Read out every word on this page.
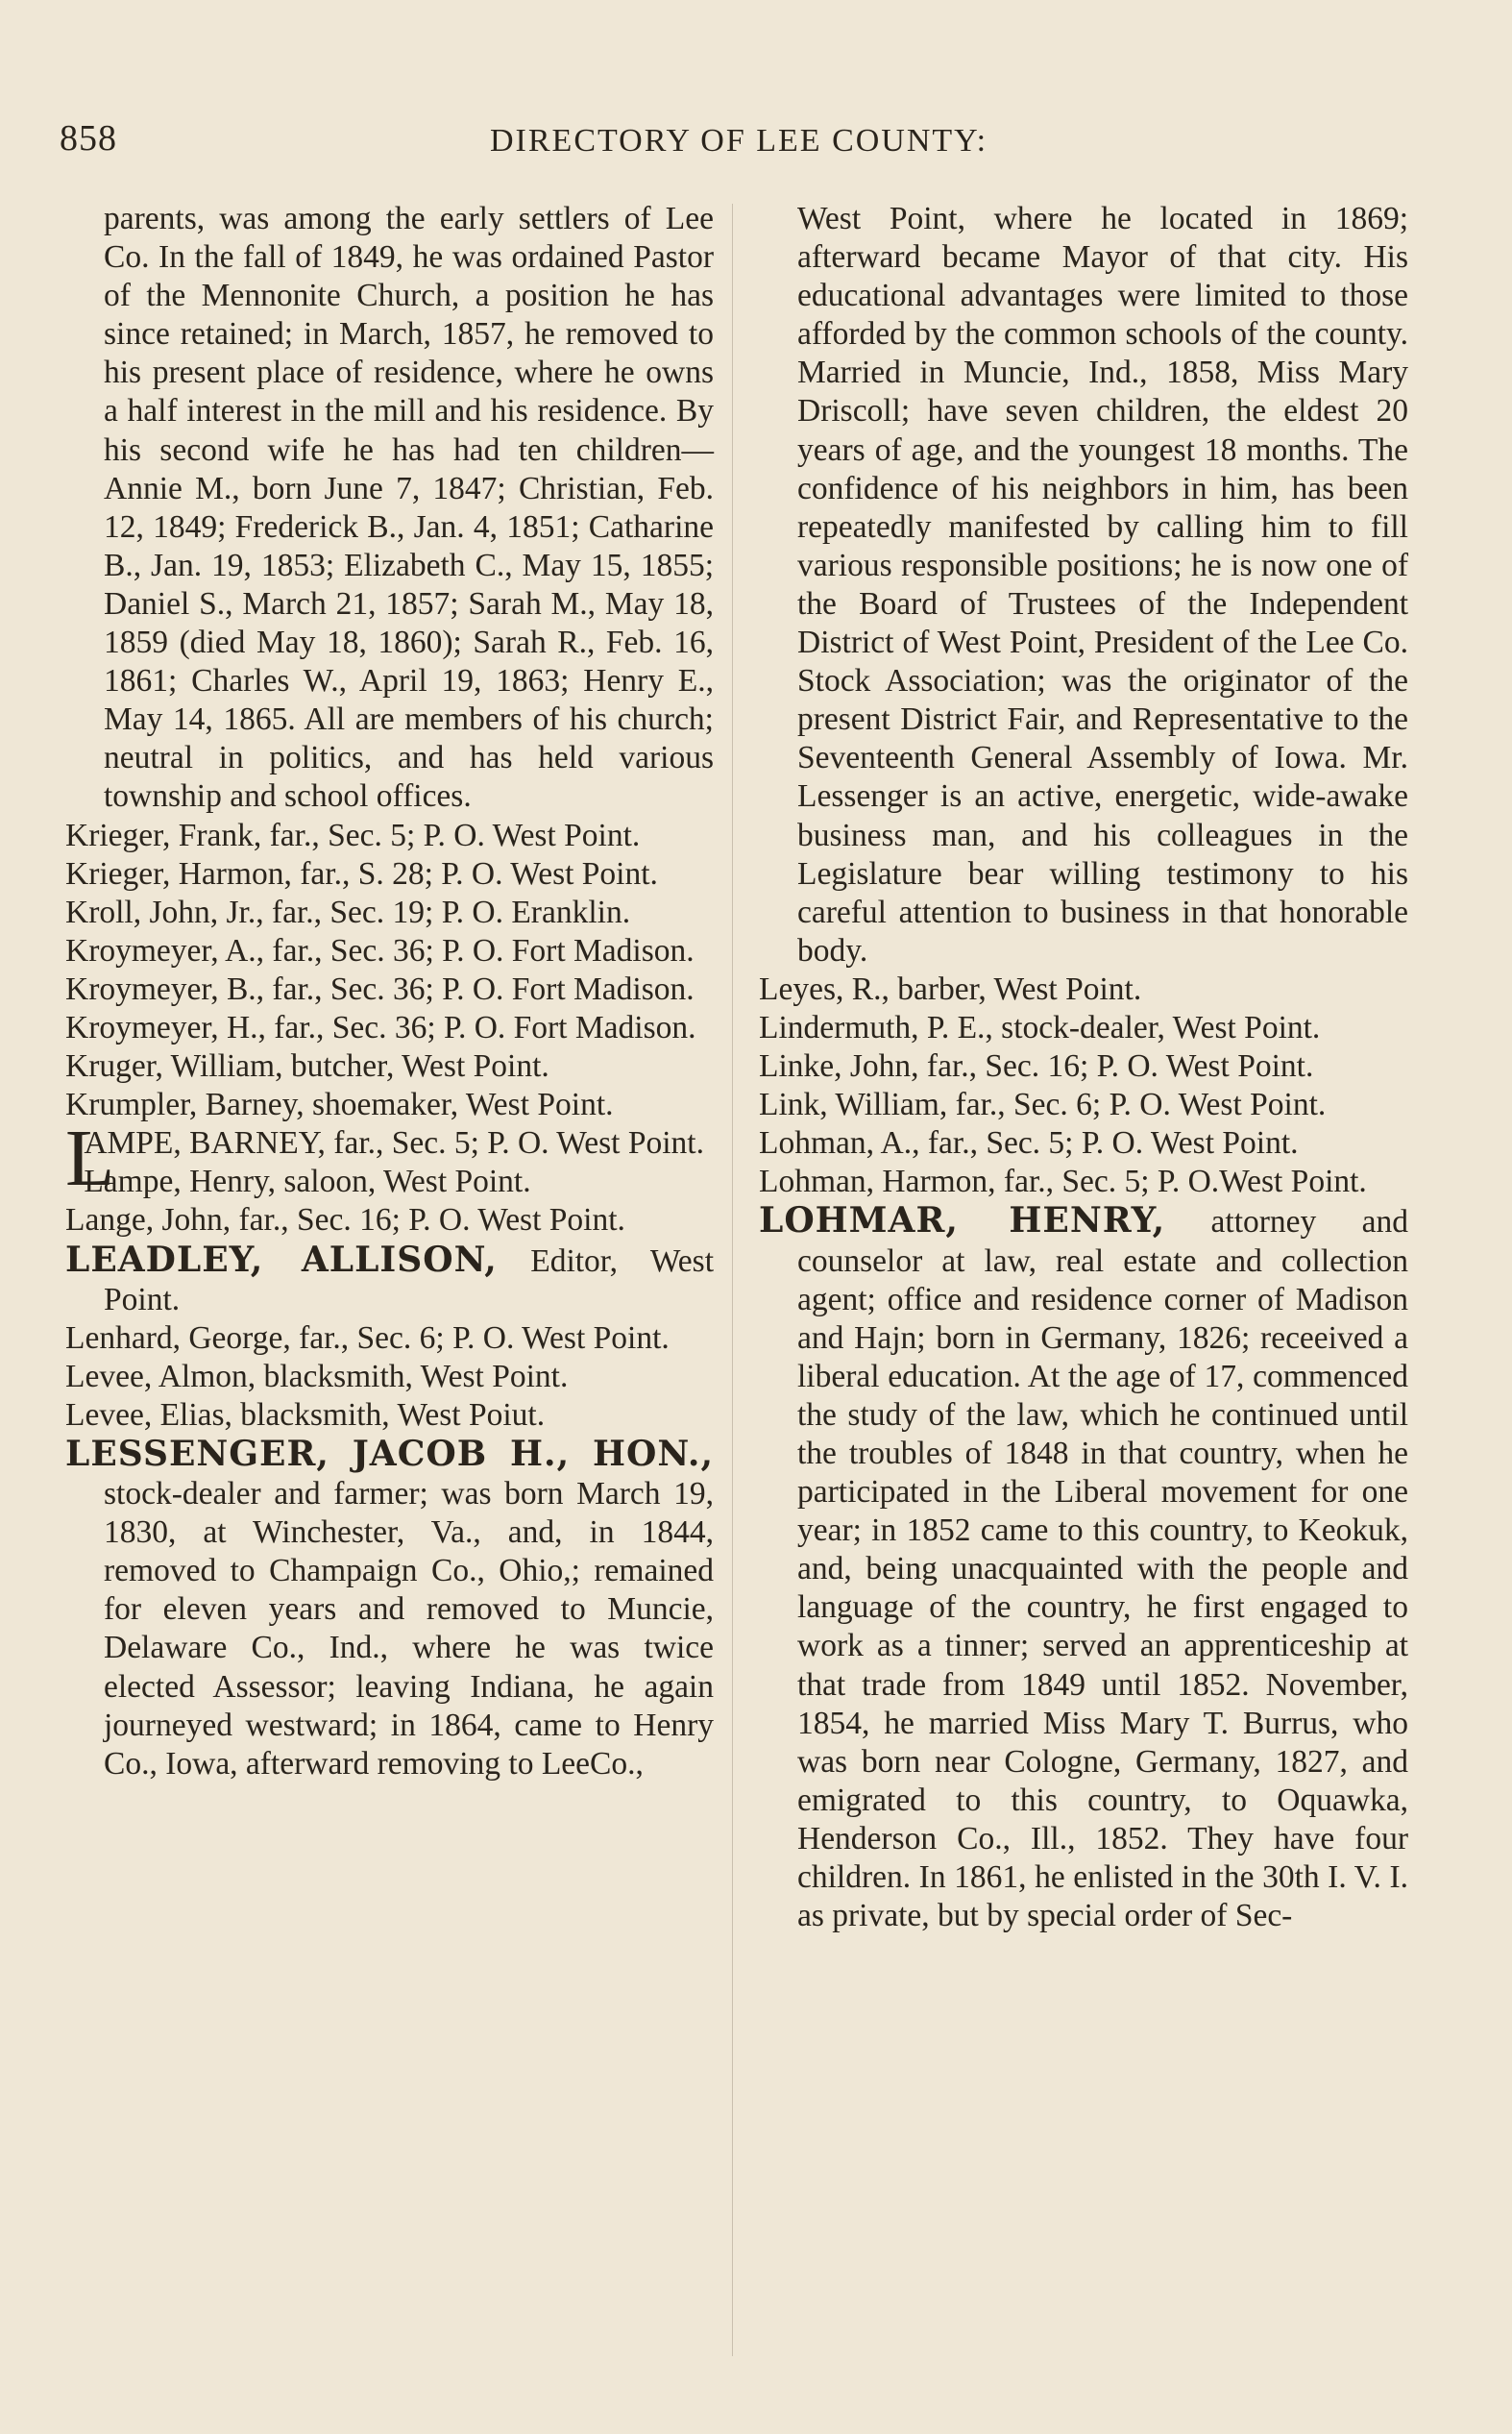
858	DIRECTORY OF LEE COUNTY:

parents, was among the early settlers of Lee Co. In the fall of 1849, he was ordained Pastor of the Mennonite Church, a position he has since retained; in March, 1857, he removed to his present place of residence, where he owns a half interest in the mill and his residence. By his second wife he has had ten children—Annie M., born June 7, 1847; Christian, Feb. 12, 1849; Frederick B., Jan. 4, 1851; Catharine B., Jan. 19, 1853; Elizabeth C., May 15, 1855; Daniel S., March 21, 1857; Sarah M., May 18, 1859 (died May 18, 1860); Sarah R., Feb. 16, 1861; Charles W., April 19, 1863; Henry E., May 14, 1865. All are members of his church; neutral in politics, and has held various township and school offices.

Krieger, Frank, far., Sec. 5; P. O. West Point.

Krieger, Harmon, far., S. 28; P. O. West Point.

Kroll, John, Jr., far., Sec. 19; P. O. Eranklin.

Kroymeyer, A., far., Sec. 36; P. O. Fort Madison.

Kroymeyer, B., far., Sec. 36; P. O. Fort Madison.

Kroymeyer, H., far., Sec. 36; P. O. Fort Madison.

Kruger, William, butcher, West Point.

Krumpler, Barney, shoemaker, West Point.

L
AMPE, BARNEY, far., Sec. 5; P. O. West Point.

Lampe, Henry, saloon, West Point.

Lange, John, far., Sec. 16; P. O. West Point.

LEADLEY, ALLISON, Editor, West Point.

Lenhard, George, far., Sec. 6; P. O. West Point.

Levee, Almon, blacksmith, West Point.

Levee, Elias, blacksmith, West Poiut.

LESSENGER, JACOB H., HON., stock-dealer and farmer; was born March 19, 1830, at Winchester, Va., and, in 1844, removed to Champaign Co., Ohio,; remained for eleven years and removed to Muncie, Delaware Co., Ind., where he was twice elected Assessor; leaving Indiana, he again journeyed westward; in 1864, came to Henry Co., Iowa, afterward removing to LeeCo.,

West Point, where he located in 1869; afterward became Mayor of that city. His educational advantages were limited to those afforded by the common schools of the county. Married in Muncie, Ind., 1858, Miss Mary Driscoll; have seven children, the eldest 20 years of age, and the youngest 18 months. The confidence of his neighbors in him, has been repeatedly manifested by calling him to fill various responsible positions; he is now one of the Board of Trustees of the Independent District of West Point, President of the Lee Co. Stock Association; was the originator of the present District Fair, and Representative to the Seventeenth General Assembly of Iowa. Mr. Lessenger is an active, energetic, wide-awake business man, and his colleagues in the Legislature bear willing testimony to his careful attention to business in that honorable body.

Leyes, R., barber, West Point.

Lindermuth, P. E., stock-dealer, West Point.

Linke, John, far., Sec. 16; P. O. West Point.

Link, William, far., Sec. 6; P. O. West Point.

Lohman, A., far., Sec. 5; P. O. West Point.

Lohman, Harmon, far., Sec. 5; P. O.West Point.

LOHMAR, HENRY, attorney and counselor at law, real estate and collection agent; office and residence corner of Madison and Hajn; born in Germany, 1826; receeived a liberal education. At the age of 17, commenced the study of the law, which he continued until the troubles of 1848 in that country, when he participated in the Liberal movement for one year; in 1852 came to this country, to Keokuk, and, being unacquainted with the people and language of the country, he first engaged to work as a tinner; served an apprenticeship at that trade from 1849 until 1852. November, 1854, he married Miss Mary T. Burrus, who was born near Cologne, Germany, 1827, and emigrated to this country, to Oquawka, Henderson Co., Ill., 1852. They have four children. In 1861, he enlisted in the 30th I. V. I. as private, but by special order of Sec-
